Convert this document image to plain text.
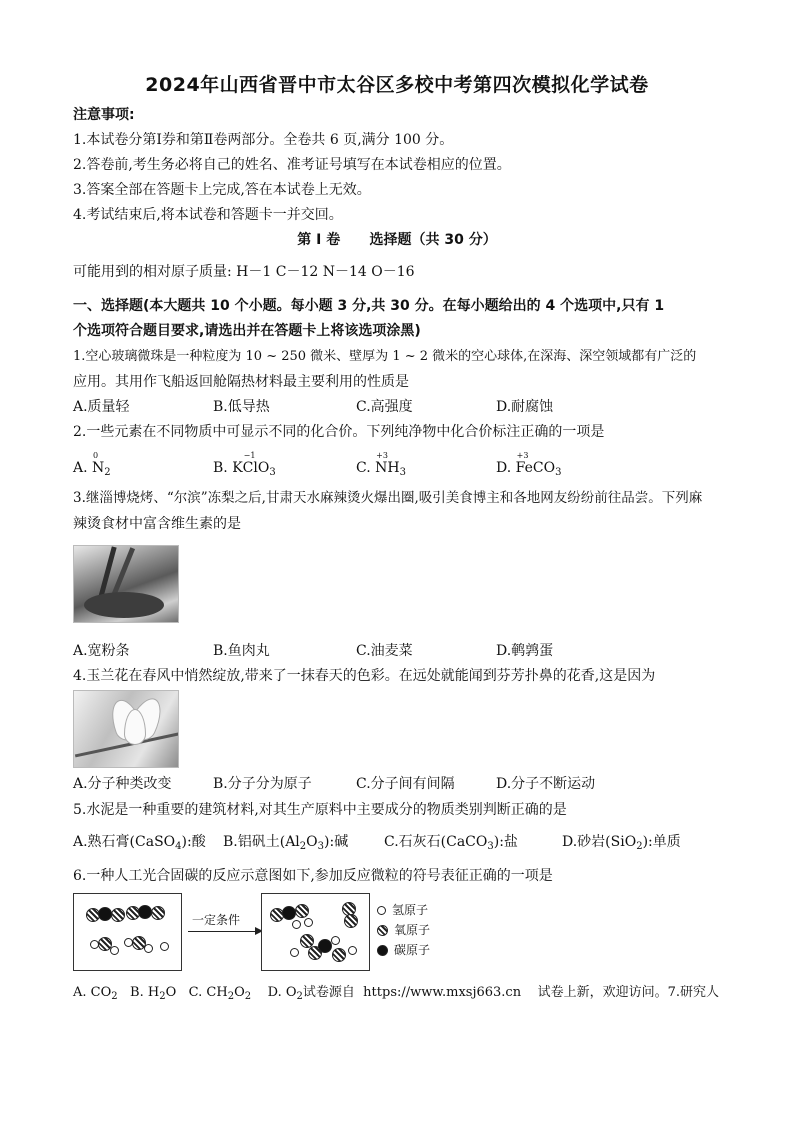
2024年山西省晋中市太谷区多校中考第四次模拟化学试卷
注意事项:
1.本试卷分第Ⅰ券和第Ⅱ卷两部分。全卷共 6 页,满分 100 分。
2.答卷前,考生务必将自己的姓名、准考证号填写在本试卷相应的位置。
3.答案全部在答题卡上完成,答在本试卷上无效。
4.考试结束后,将本试卷和答题卡一并交回。
第 I 卷      选择题（共 30 分）
可能用到的相对原子质量: H－1 C－12 N－14 O－16
一、选择题(本大题共 10 个小题。每小题 3 分,共 30 分。在每小题给出的 4 个选项中,只有 1
个选项符合题目要求,请选出并在答题卡上将该选项涂黑)
1.空心玻璃微珠是一种粒度为 10 ~ 250 微米、壁厚为 1 ~ 2 微米的空心球体,在深海、深空领域都有广泛的
应用。其用作飞船返回舱隔热材料最主要利用的性质是
A.质量轻	B.低导热	C.高强度	D.耐腐蚀
2.一些元素在不同物质中可显示不同的化合价。下列纯净物中化合价标注正确的一项是
A.
0
$N_2$	B. K
−1
ClO$_3$	C.
+3
$NH_3$	D.
+3
FeCO$_3$
3.继淄博烧烤、“尔滨”冻梨之后,甘肃天水麻辣烫火爆出圈,吸引美食博主和各地网友纷纷前往品尝。下列麻
辣烫食材中富含维生素的是
A.宽粉条	B.鱼肉丸	C.油麦菜	D.鹌鹑蛋
4.玉兰花在春风中悄然绽放,带来了一抹春天的色彩。在远处就能闻到芬芳扑鼻的花香,这是因为
A.分子种类改变	B.分子分为原子	C.分子间有间隔	D.分子不断运动
5.水泥是一种重要的建筑材料,对其生产原料中主要成分的物质类别判断正确的是
A.熟石膏(CaSO$_4$):酸 B.铝矾土$(Al_2O_3)$:碱	C.石灰石(CaCO$_3$):盐	D.砂岩(SiO$_2$):单质
6.一种人工光合固碳的反应示意图如下,参加反应微粒的符号表征正确的一项是
一定条件
氢原子
氧原子
碳原子
A. $CO_2$ B. $H_2O$ C. $CH_2O_2$ D. $O_2$试卷源自  https://www.mxsj663.cn    试卷上新，欢迎访问。7.研究人
